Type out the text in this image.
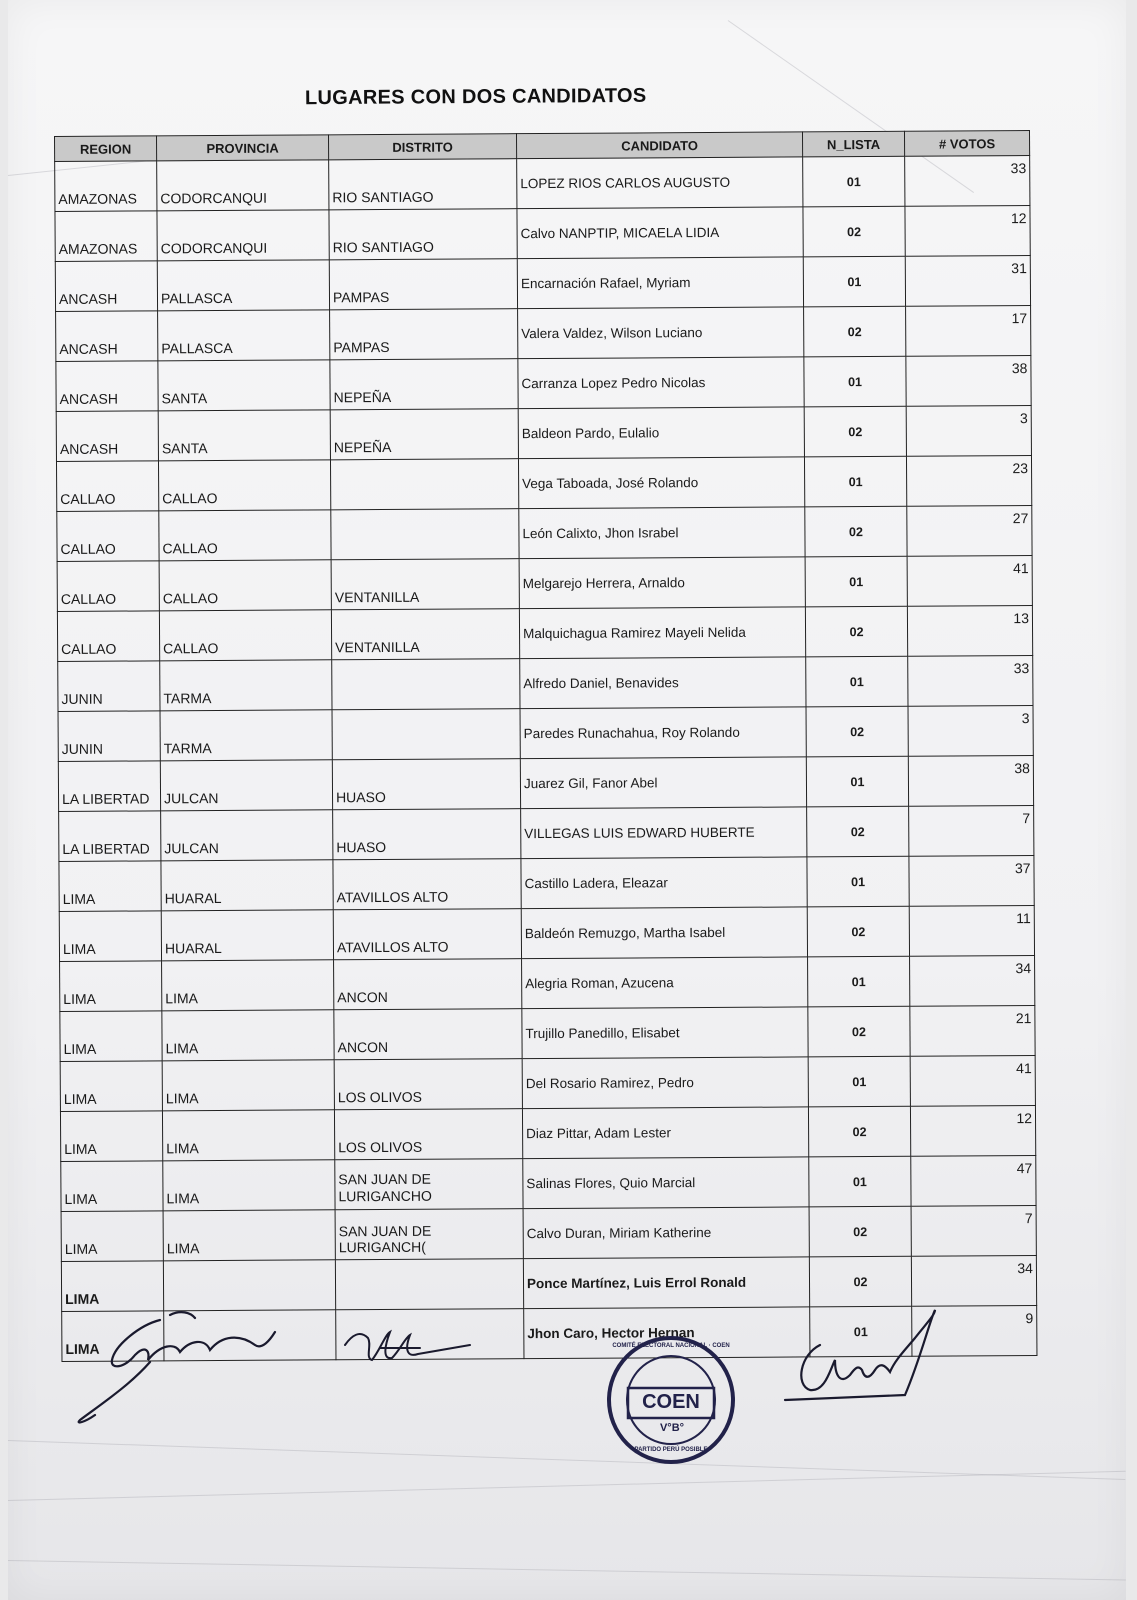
LUGARES CON DOS CANDIDATOS
REGION	PROVINCIA	DISTRITO	CANDIDATO	N_LISTA	# VOTOS
AMAZONAS	CODORCANQUI	RIO SANTIAGO	LOPEZ RIOS CARLOS AUGUSTO	01	33
AMAZONAS	CODORCANQUI	RIO SANTIAGO	Calvo NANPTIP, MICAELA LIDIA	02	12
ANCASH	PALLASCA	PAMPAS	Encarnación Rafael, Myriam	01	31
ANCASH	PALLASCA	PAMPAS	Valera Valdez, Wilson Luciano	02	17
ANCASH	SANTA	NEPEÑA	Carranza Lopez Pedro Nicolas	01	38
ANCASH	SANTA	NEPEÑA	Baldeon Pardo, Eulalio	02	3
CALLAO	CALLAO		Vega Taboada, José Rolando	01	23
CALLAO	CALLAO		León Calixto, Jhon Israbel	02	27
CALLAO	CALLAO	VENTANILLA	Melgarejo Herrera, Arnaldo	01	41
CALLAO	CALLAO	VENTANILLA	Malquichagua Ramirez Mayeli Nelida	02	13
JUNIN	TARMA		Alfredo Daniel, Benavides	01	33
JUNIN	TARMA		Paredes Runachahua, Roy Rolando	02	3
LA LIBERTAD	JULCAN	HUASO	Juarez Gil, Fanor Abel	01	38
LA LIBERTAD	JULCAN	HUASO	VILLEGAS LUIS EDWARD HUBERTE	02	7
LIMA	HUARAL	ATAVILLOS ALTO	Castillo Ladera, Eleazar	01	37
LIMA	HUARAL	ATAVILLOS ALTO	Baldeón Remuzgo, Martha Isabel	02	11
LIMA	LIMA	ANCON	Alegria Roman, Azucena	01	34
LIMA	LIMA	ANCON	Trujillo Panedillo, Elisabet	02	21
LIMA	LIMA	LOS OLIVOS	Del Rosario Ramirez, Pedro	01	41
LIMA	LIMA	LOS OLIVOS	Diaz Pittar, Adam Lester	02	12
LIMA	LIMA	SAN JUAN DE LURIGANCHO	Salinas Flores, Quio Marcial	01	47
LIMA	LIMA	SAN JUAN DE LURIGANCH(	Calvo Duran, Miriam Katherine	02	7
LIMA			Ponce Martínez, Luis Errol Ronald	02	34
LIMA			Jhon Caro, Hector Hernan	01	9
COEN
V°B°
COMITÉ ELECTORAL NACIONAL · COEN
PARTIDO PERÚ POSIBLE
